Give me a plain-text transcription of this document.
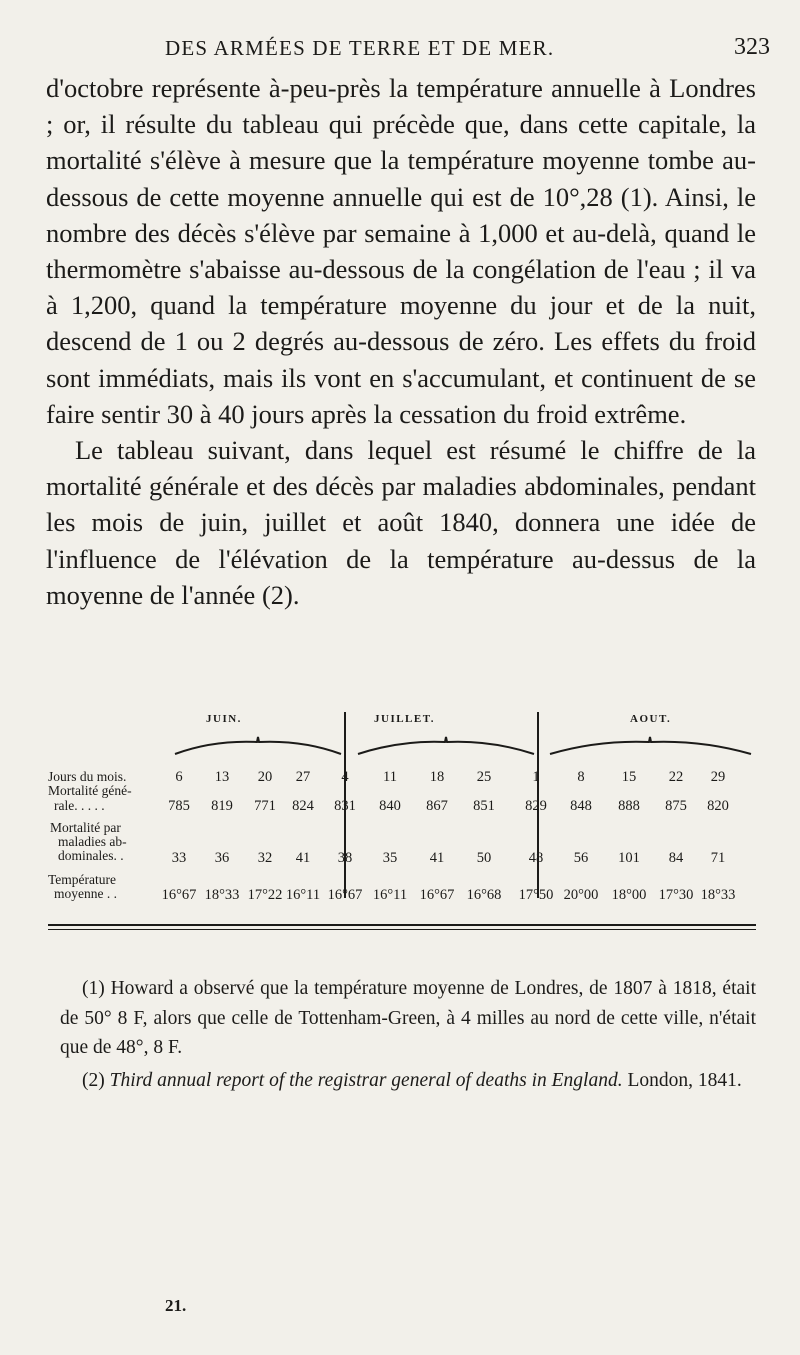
DES ARMÉES DE TERRE ET DE MER.	323

d'octobre représente à-peu-près la température annuelle à Londres ; or, il résulte du tableau qui précède que, dans cette capitale, la mortalité s'élève à mesure que la température moyenne tombe au-dessous de cette moyenne annuelle qui est de 10°,28 (1). Ainsi, le nombre des décès s'élève par semaine à 1,000 et au-delà, quand le thermomètre s'abaisse au-dessous de la congélation de l'eau ; il va à 1,200, quand la température moyenne du jour et de la nuit, descend de 1 ou 2 degrés au-dessous de zéro. Les effets du froid sont immédiats, mais ils vont en s'accumulant, et continuent de se faire sentir 30 à 40 jours après la cessation du froid extrême.

Le tableau suivant, dans lequel est résumé le chiffre de la mortalité générale et des décès par maladies abdominales, pendant les mois de juin, juillet et août 1840, donnera une idée de l'influence de l'élévation de la température au-dessus de la moyenne de l'année (2).

JUIN.	JUILLET.	AOUT.
Jours du mois.	6	13	20	27	4	11	18	25	1	8	15	22	29
Mortalité géné-
rale. . . . .	785	819	771	824	831	840	867	851	829	848	888	875	820
Mortalité par
maladies ab-
dominales. .	33	36	32	41	38	35	41	50	48	56	101	84	71
Température
moyenne . .	16°67 18°33 17°22 16°11 16°67 16°11 16°67 16°68	17°50 20°00 18°00 17°30 18°33

(1) Howard a observé que la température moyenne de Londres, de 1807 à 1818, était de 50° 8 F, alors que celle de Tottenham-Green, à 4 milles au nord de cette ville, n'était que de 48°, 8 F.

(2) Third annual report of the registrar general of deaths in England. London, 1841.

21.
